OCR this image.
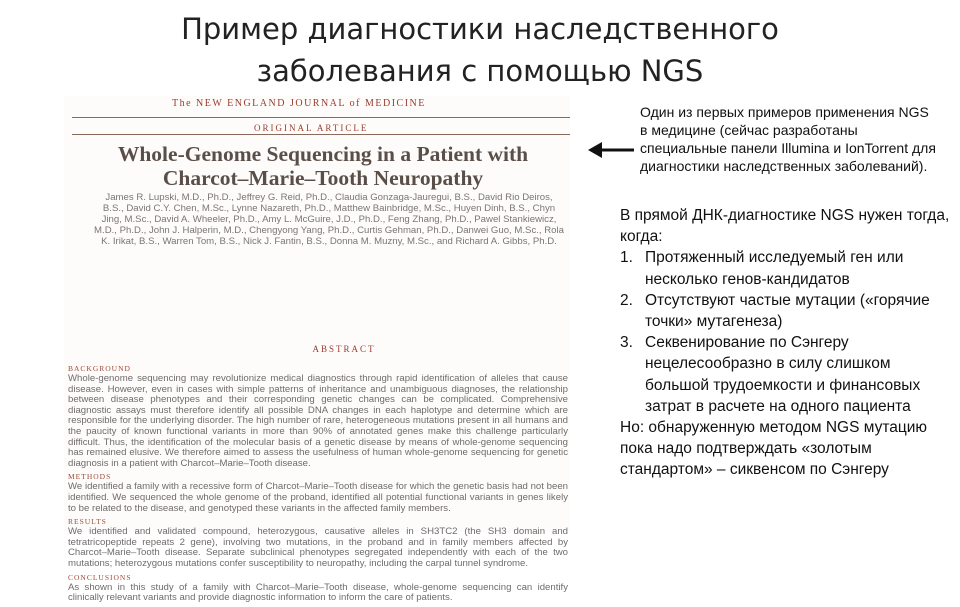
Пример диагностики наследственного
заболевания с помощью NGS
The NEW ENGLAND JOURNAL of MEDICINE
ORIGINAL ARTICLE
Whole-Genome Sequencing in a Patient with Charcot–Marie–Tooth Neuropathy
James R. Lupski, M.D., Ph.D., Jeffrey G. Reid, Ph.D., Claudia Gonzaga-Jauregui, B.S., David Rio Deiros, B.S., David C.Y. Chen, M.Sc., Lynne Nazareth, Ph.D., Matthew Bainbridge, M.Sc., Huyen Dinh, B.S., Chyn Jing, M.Sc., David A. Wheeler, Ph.D., Amy L. McGuire, J.D., Ph.D., Feng Zhang, Ph.D., Pawel Stankiewicz, M.D., Ph.D., John J. Halperin, M.D., Chengyong Yang, Ph.D., Curtis Gehman, Ph.D., Danwei Guo, M.Sc., Rola K. Irikat, B.S., Warren Tom, B.S., Nick J. Fantin, B.S., Donna M. Muzny, M.Sc., and Richard A. Gibbs, Ph.D.
ABSTRACT
BACKGROUND
Whole-genome sequencing may revolutionize medical diagnostics through rapid identification of alleles that cause disease. However, even in cases with simple patterns of inheritance and unambiguous diagnoses, the relationship between disease phenotypes and their corresponding genetic changes can be complicated. Comprehensive diagnostic assays must therefore identify all possible DNA changes in each haplotype and determine which are responsible for the underlying disorder. The high number of rare, heterogeneous mutations present in all humans and the paucity of known functional variants in more than 90% of annotated genes make this challenge particularly difficult. Thus, the identification of the molecular basis of a genetic disease by means of whole-genome sequencing has remained elusive. We therefore aimed to assess the usefulness of human whole-genome sequencing for genetic diagnosis in a patient with Charcot–Marie–Tooth disease.
METHODS
We identified a family with a recessive form of Charcot–Marie–Tooth disease for which the genetic basis had not been identified. We sequenced the whole genome of the proband, identified all potential functional variants in genes likely to be related to the disease, and genotyped these variants in the affected family members.
RESULTS
We identified and validated compound, heterozygous, causative alleles in SH3TC2 (the SH3 domain and tetratricopeptide repeats 2 gene), involving two mutations, in the proband and in family members affected by Charcot–Marie–Tooth disease. Separate subclinical phenotypes segregated independently with each of the two mutations; heterozygous mutations confer susceptibility to neuropathy, including the carpal tunnel syndrome.
CONCLUSIONS
As shown in this study of a family with Charcot–Marie–Tooth disease, whole-genome sequencing can identify clinically relevant variants and provide diagnostic information to inform the care of patients.
Один из первых примеров применения NGS в медицине (сейчас разработаны специальные панели Illumina и IonTorrent для диагностики наследственных заболеваний).

В прямой ДНК-диагностике NGS нужен тогда, когда:

1. Протяженный исследуемый ген или несколько генов-кандидатов
2. Отсутствуют частые мутации («горячие точки» мутагенеза)
3. Секвенирование по Сэнгеру нецелесообразно в силу слишком большой трудоемкости и финансовых затрат в расчете на одного пациента

Но: обнаруженную методом NGS мутацию пока надо подтверждать «золотым стандартом» – сиквенсом по Сэнгеру
